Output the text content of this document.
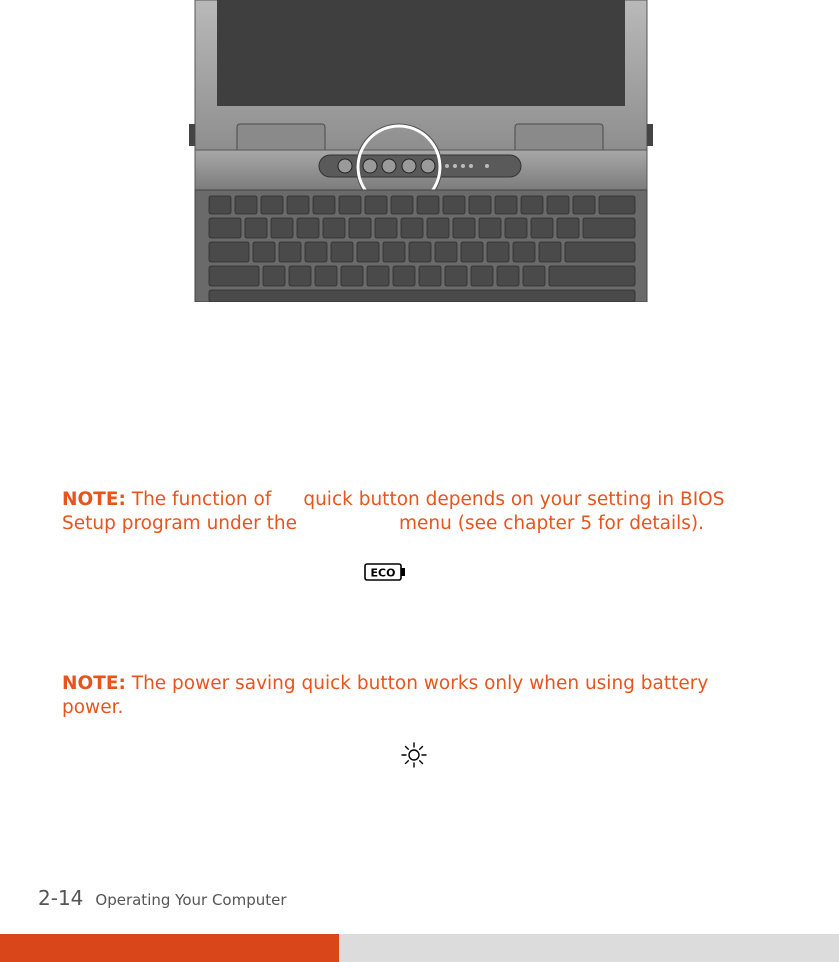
NOTE: The function of quick button depends on your setting in BIOS
Setup program under the	menu (see chapter 5 for details).
ECO
NOTE: The power saving quick button works only when using battery power.
2-14 Operating Your Computer
